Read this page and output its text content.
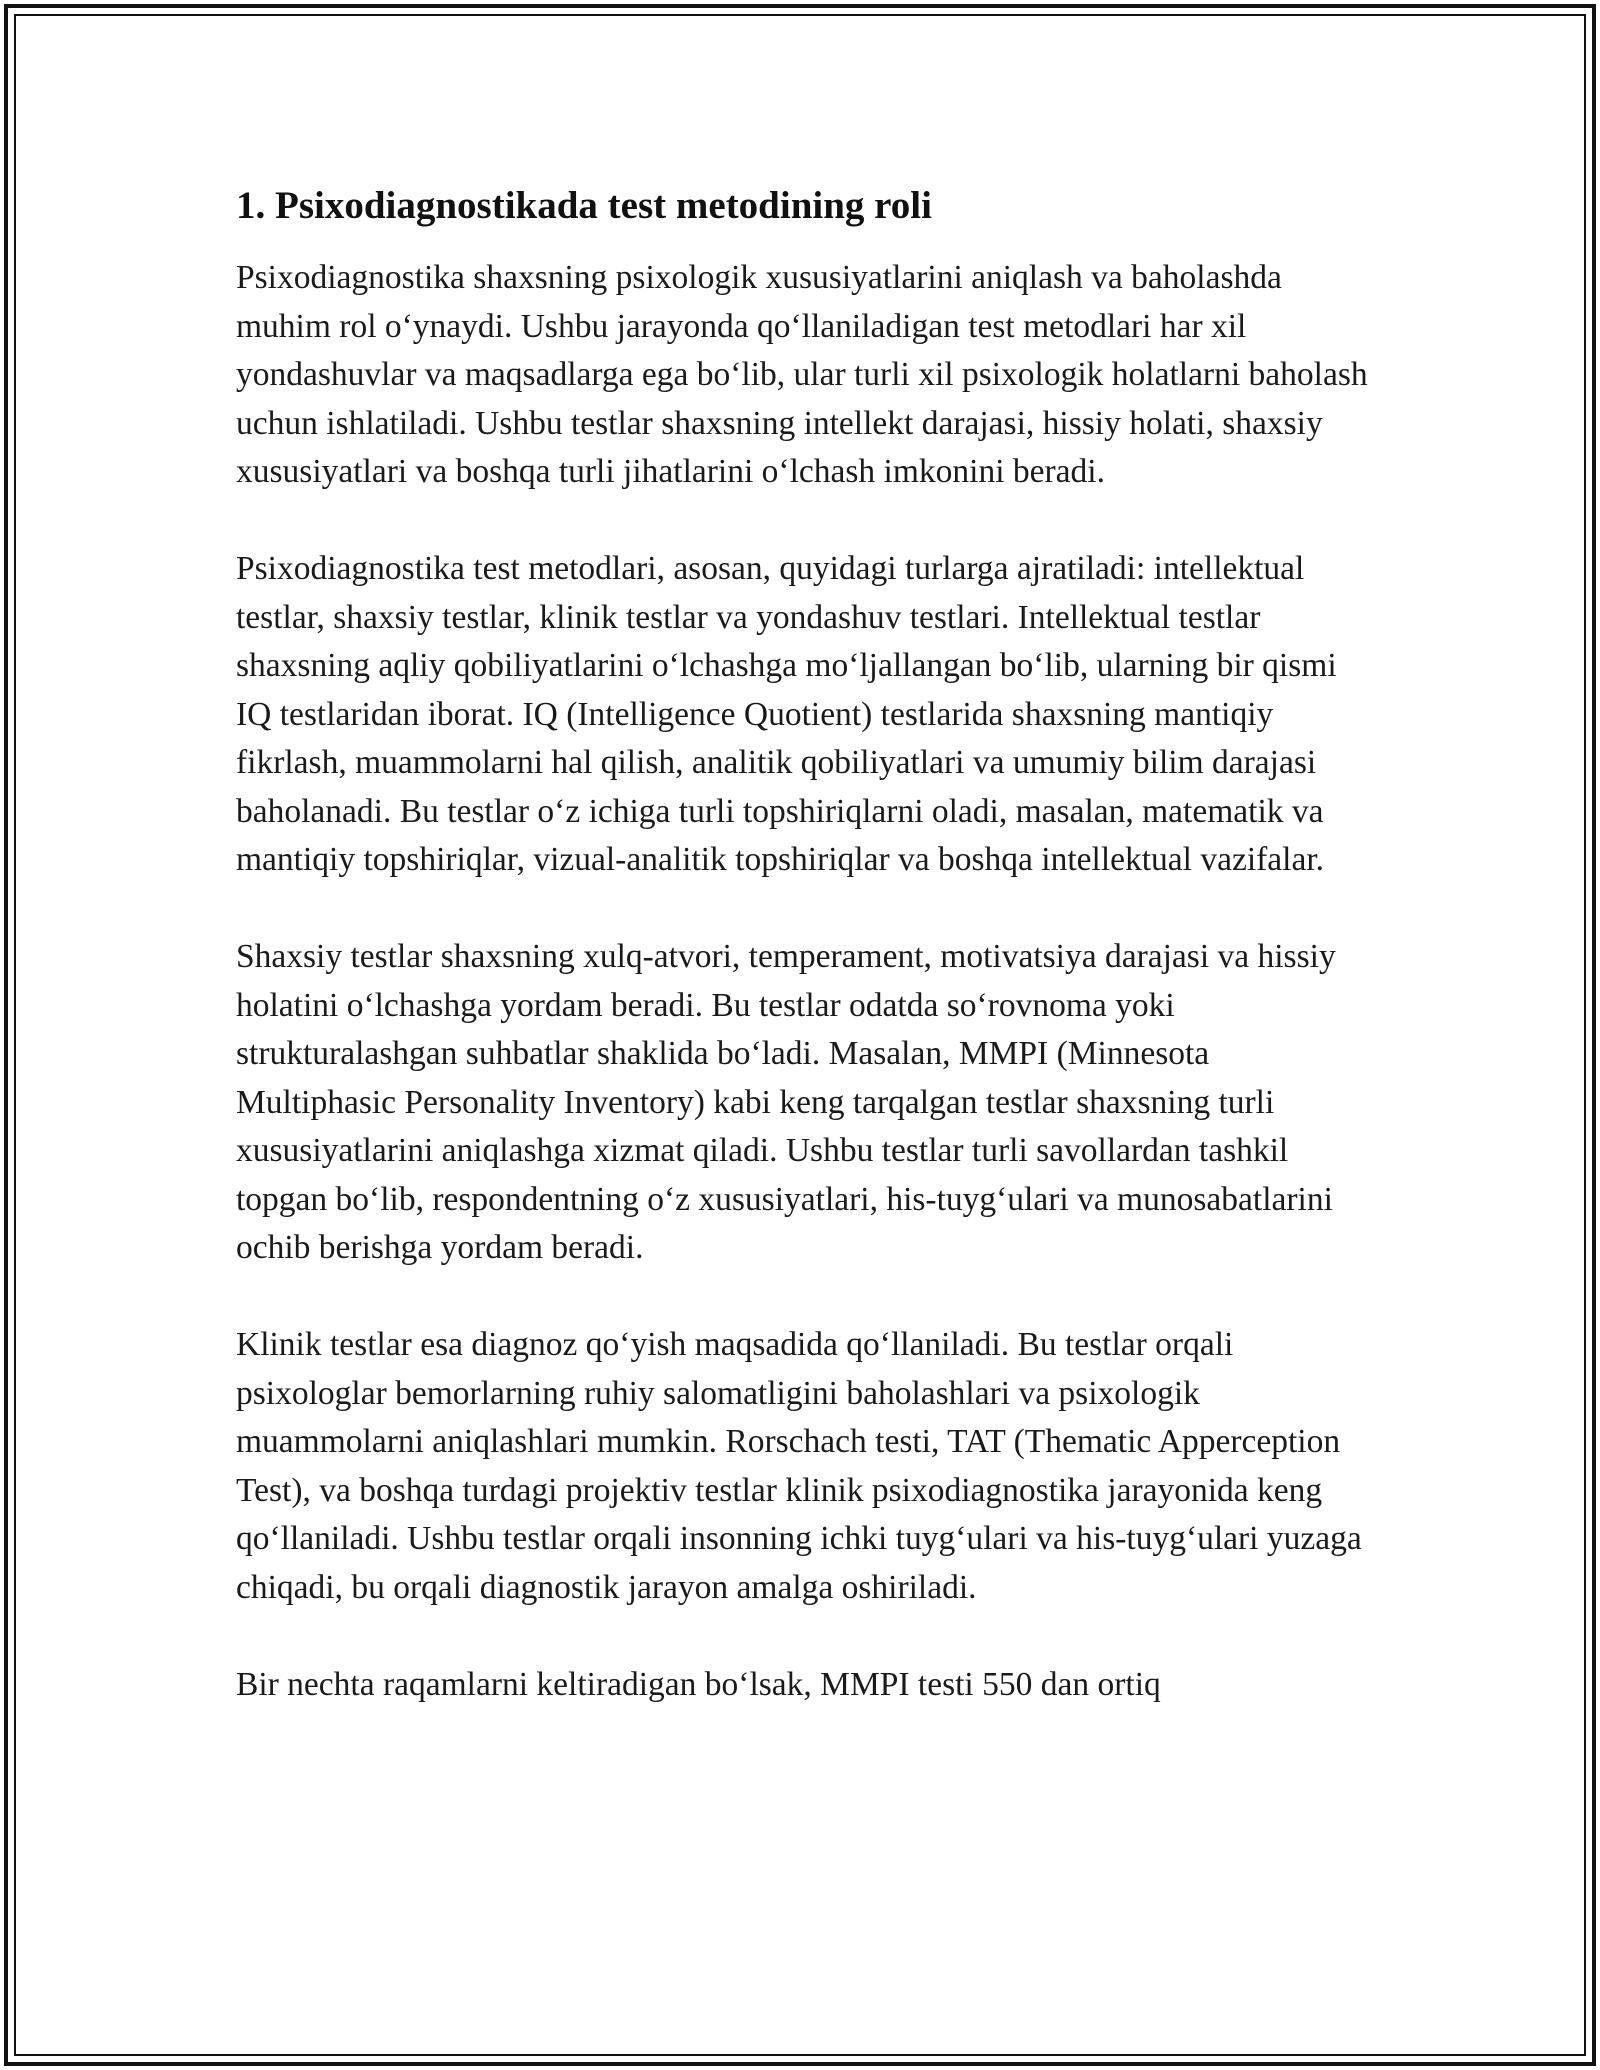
1. Psixodiagnostikada test metodining roli

Psixodiagnostika shaxsning psixologik xususiyatlarini aniqlash va baholashda muhim rol oʻynaydi. Ushbu jarayonda qoʻllaniladigan test metodlari har xil yondashuvlar va maqsadlarga ega boʻlib, ular turli xil psixologik holatlarni baholash uchun ishlatiladi. Ushbu testlar shaxsning intellekt darajasi, hissiy holati, shaxsiy xususiyatlari va boshqa turli jihatlarini oʻlchash imkonini beradi.

Psixodiagnostika test metodlari, asosan, quyidagi turlarga ajratiladi: intellektual testlar, shaxsiy testlar, klinik testlar va yondashuv testlari. Intellektual testlar shaxsning aqliy qobiliyatlarini oʻlchashga moʻljallangan boʻlib, ularning bir qismi IQ testlaridan iborat. IQ (Intelligence Quotient) testlarida shaxsning mantiqiy fikrlash, muammolarni hal qilish, analitik qobiliyatlari va umumiy bilim darajasi baholanadi. Bu testlar oʻz ichiga turli topshiriqlarni oladi, masalan, matematik va mantiqiy topshiriqlar, vizual-analitik topshiriqlar va boshqa intellektual vazifalar.

Shaxsiy testlar shaxsning xulq-atvori, temperament, motivatsiya darajasi va hissiy holatini oʻlchashga yordam beradi. Bu testlar odatda soʻrovnoma yoki strukturalashgan suhbatlar shaklida boʻladi. Masalan, MMPI (Minnesota Multiphasic Personality Inventory) kabi keng tarqalgan testlar shaxsning turli xususiyatlarini aniqlashga xizmat qiladi. Ushbu testlar turli savollardan tashkil topgan boʻlib, respondentning oʻz xususiyatlari, his-tuygʻulari va munosabatlarini ochib berishga yordam beradi.

Klinik testlar esa diagnoz qoʻyish maqsadida qoʻllaniladi. Bu testlar orqali psixologlar bemorlarning ruhiy salomatligini baholashlari va psixologik muammolarni aniqlashlari mumkin. Rorschach testi, TAT (Thematic Apperception Test), va boshqa turdagi projektiv testlar klinik psixodiagnostika jarayonida keng qoʻllaniladi. Ushbu testlar orqali insonning ichki tuygʻulari va his-tuygʻulari yuzaga chiqadi, bu orqali diagnostik jarayon amalga oshiriladi.

Bir nechta raqamlarni keltiradigan boʻlsak, MMPI testi 550 dan ortiq
